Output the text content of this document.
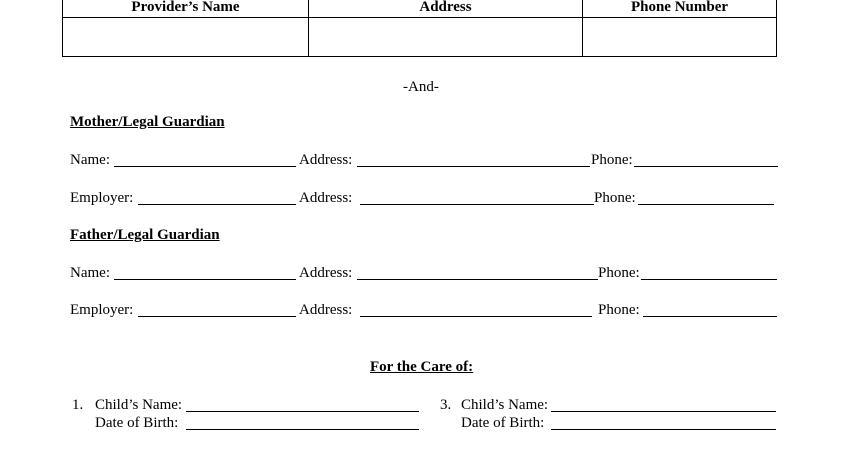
Provider’s Name	Address	Phone Number

-And-
Mother/Legal Guardian
Name:	Address:	Phone:
Employer:	Address:	Phone:
Father/Legal Guardian
Name:	Address:	Phone:
Employer:	Address:	Phone:
For the Care of:
1. Child’s Name:
Date of Birth:
3. Child’s Name:
Date of Birth:
